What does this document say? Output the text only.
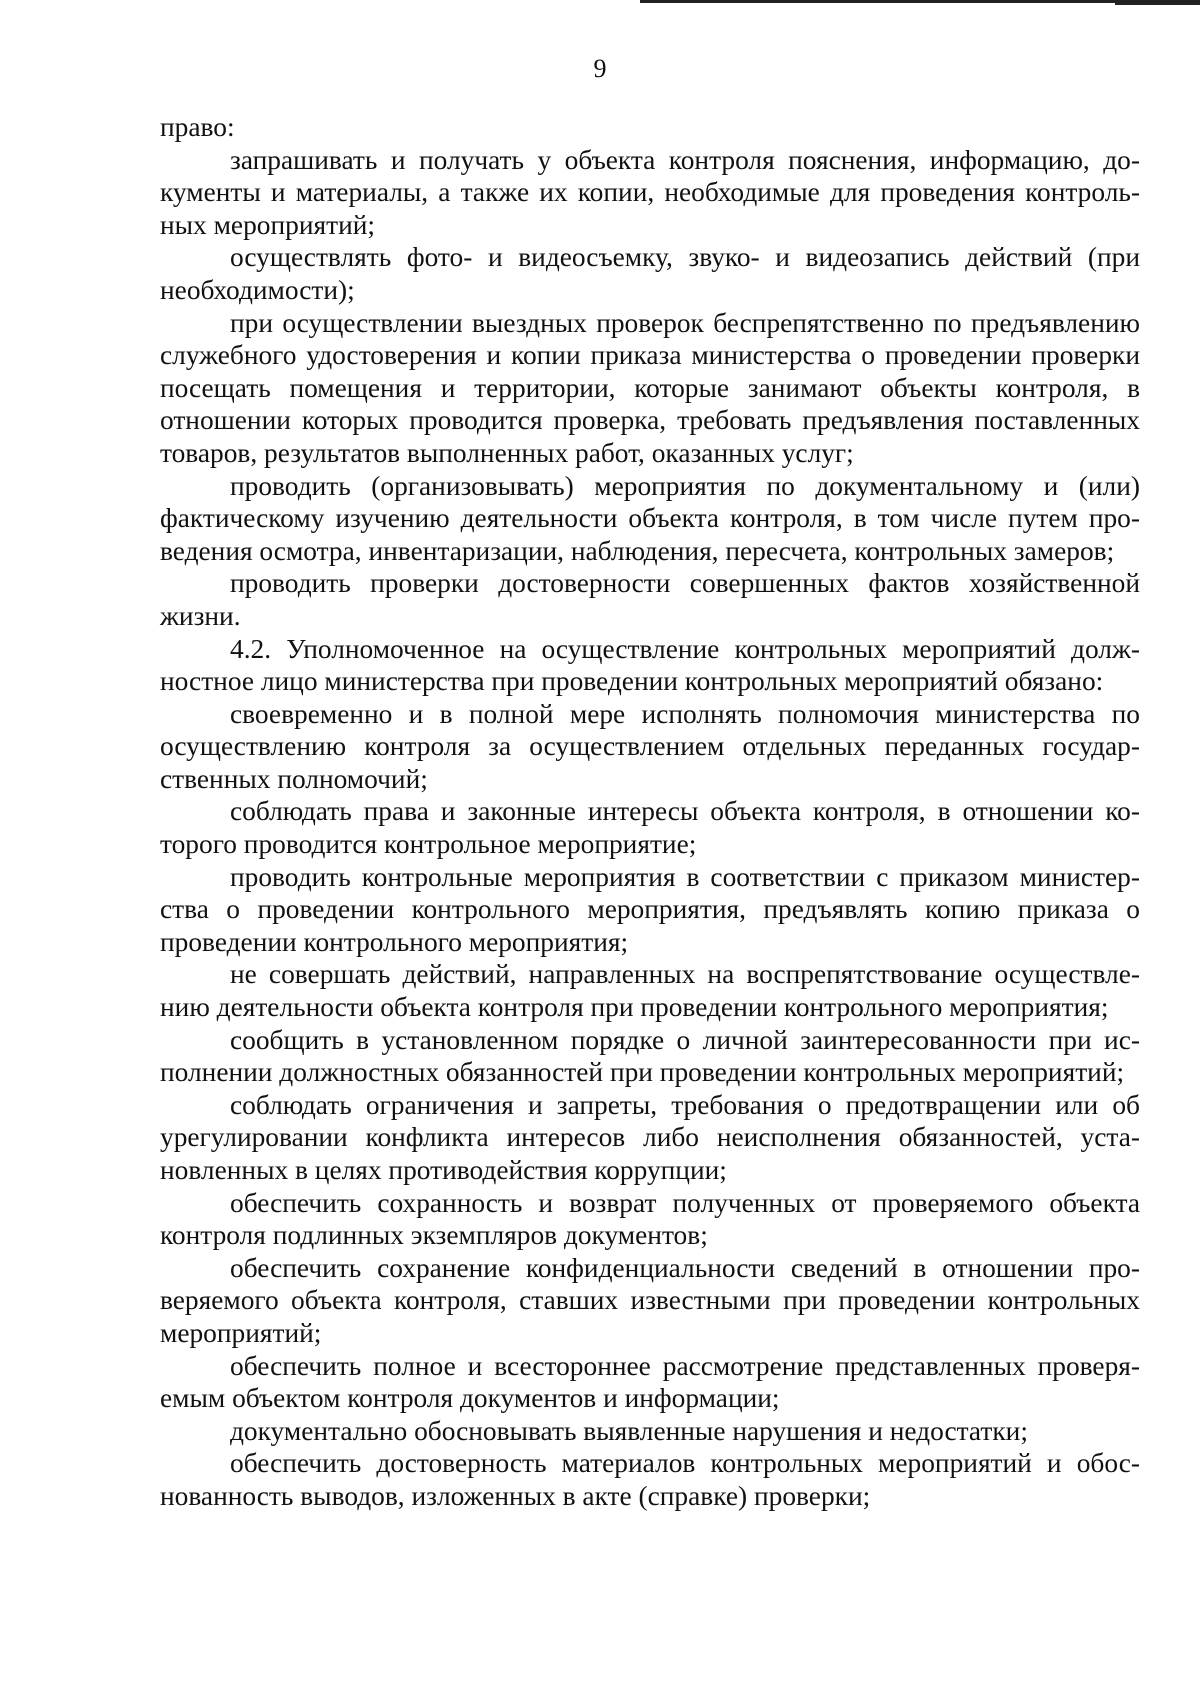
9

право:

запрашивать и получать у объекта контроля пояснения, информацию, документы и материалы, а также их копии, необходимые для проведения контрольных мероприятий;

осуществлять фото- и видеосъемку, звуко- и видеозапись действий (при необходимости);

при осуществлении выездных проверок беспрепятственно по предъявлению служебного удостоверения и копии приказа министерства о проведении проверки посещать помещения и территории, которые занимают объекты контроля, в отношении которых проводится проверка, требовать предъявления поставленных товаров, результатов выполненных работ, оказанных услуг;

проводить (организовывать) мероприятия по документальному и (или) фактическому изучению деятельности объекта контроля, в том числе путем проведения осмотра, инвентаризации, наблюдения, пересчета, контрольных замеров;

проводить проверки достоверности совершенных фактов хозяйственной жизни.

4.2. Уполномоченное на осуществление контрольных мероприятий должностное лицо министерства при проведении контрольных мероприятий обязано:

своевременно и в полной мере исполнять полномочия министерства по осуществлению контроля за осуществлением отдельных переданных государственных полномочий;

соблюдать права и законные интересы объекта контроля, в отношении которого проводится контрольное мероприятие;

проводить контрольные мероприятия в соответствии с приказом министерства о проведении контрольного мероприятия, предъявлять копию приказа о проведении контрольного мероприятия;

не совершать действий, направленных на воспрепятствование осуществлению деятельности объекта контроля при проведении контрольного мероприятия;

сообщить в установленном порядке о личной заинтересованности при исполнении должностных обязанностей при проведении контрольных мероприятий;

соблюдать ограничения и запреты, требования о предотвращении или об урегулировании конфликта интересов либо неисполнения обязанностей, установленных в целях противодействия коррупции;

обеспечить сохранность и возврат полученных от проверяемого объекта контроля подлинных экземпляров документов;

обеспечить сохранение конфиденциальности сведений в отношении проверяемого объекта контроля, ставших известными при проведении контрольных мероприятий;

обеспечить полное и всестороннее рассмотрение представленных проверяемым объектом контроля документов и информации;

документально обосновывать выявленные нарушения и недостатки;

обеспечить достоверность материалов контрольных мероприятий и обоснованность выводов, изложенных в акте (справке) проверки;
